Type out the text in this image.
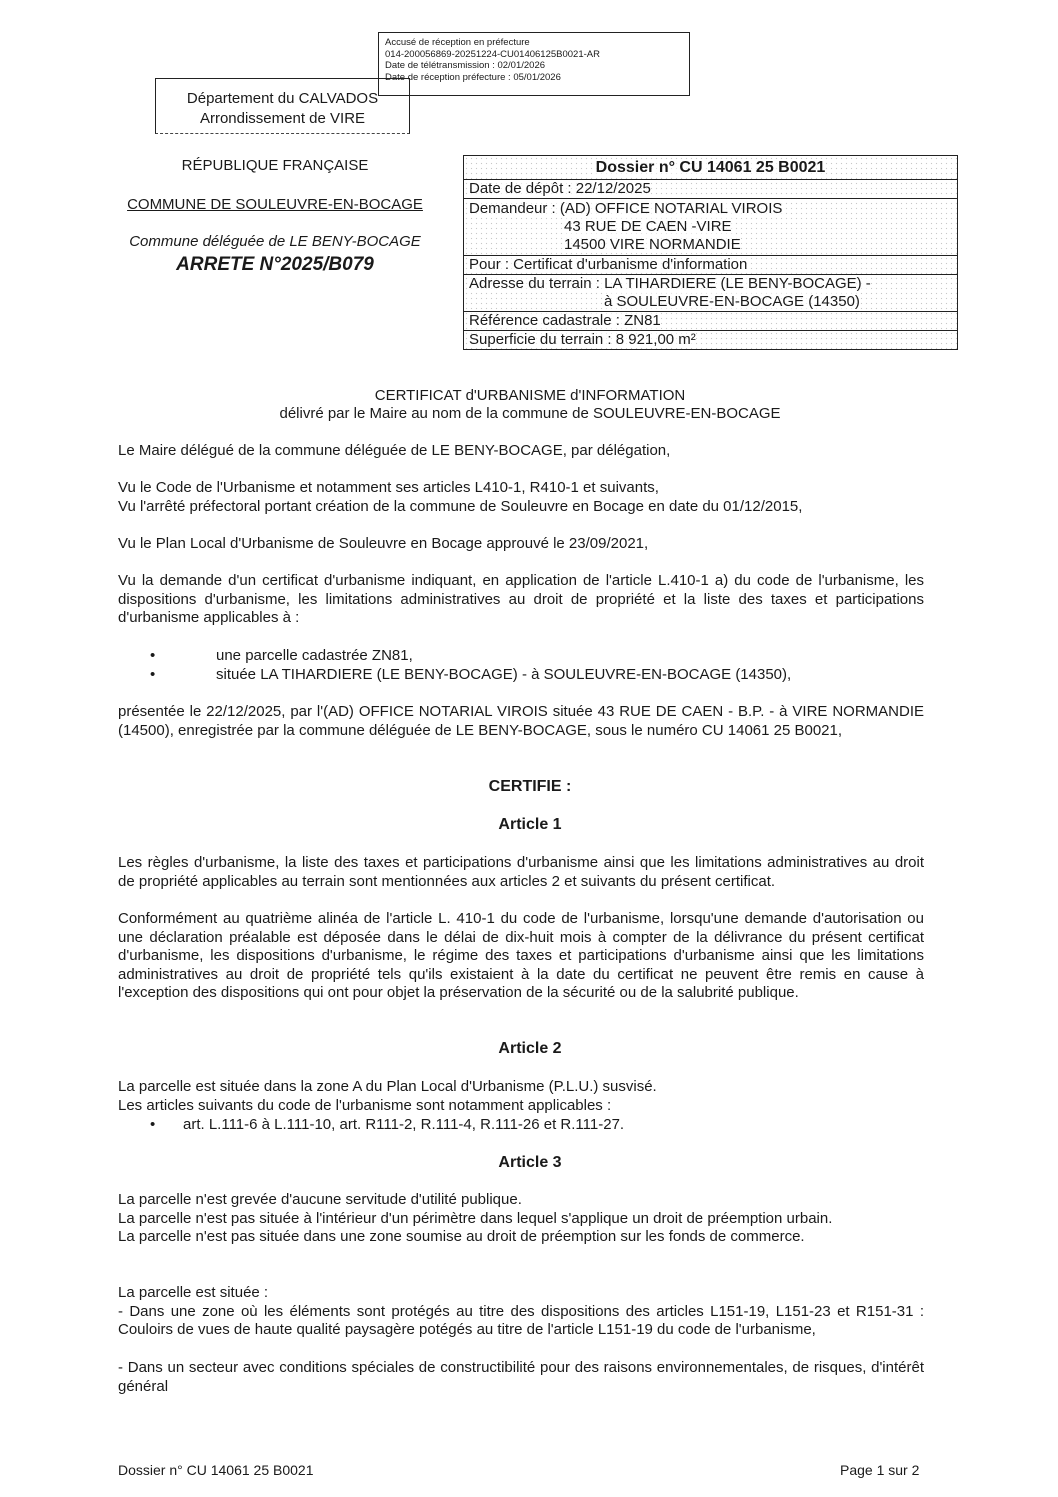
Accusé de réception en préfecture
014-200056869-20251224-CU01406125B0021-AR
Date de télétransmission : 02/01/2026
Date de réception préfecture : 05/01/2026
Département du CALVADOS
Arrondissement de VIRE
RÉPUBLIQUE FRANÇAISE
COMMUNE DE SOULEUVRE-EN-BOCAGE
Commune déléguée de LE BENY-BOCAGE
ARRETE N°2025/B079
Dossier n° CU 14061 25 B0021
Date de dépôt : 22/12/2025
Demandeur : (AD) OFFICE NOTARIAL VIROIS
43 RUE DE CAEN -VIRE
14500 VIRE NORMANDIE
Pour : Certificat d'urbanisme d'information
Adresse du terrain : LA TIHARDIERE (LE BENY-BOCAGE) -
à SOULEUVRE-EN-BOCAGE (14350)
Référence cadastrale : ZN81
Superficie du terrain : 8 921,00 m²
CERTIFICAT d'URBANISME d'INFORMATION
délivré par le Maire au nom de la commune de SOULEUVRE-EN-BOCAGE
Le Maire délégué de la commune déléguée de LE BENY-BOCAGE, par délégation,
Vu le Code de l'Urbanisme et notamment ses articles L410-1, R410-1 et suivants,
Vu l'arrêté préfectoral portant création de la commune de Souleuvre en Bocage en date du 01/12/2015,
Vu le Plan Local d'Urbanisme de Souleuvre en Bocage approuvé le 23/09/2021,
Vu la demande d'un certificat d'urbanisme indiquant, en application de l'article L.410-1 a) du code de l'urbanisme, les dispositions d'urbanisme, les limitations administratives au droit de propriété et la liste des taxes et participations d'urbanisme applicables à :
•	une parcelle cadastrée ZN81,
•	située LA TIHARDIERE (LE BENY-BOCAGE) - à SOULEUVRE-EN-BOCAGE (14350),
présentée le 22/12/2025, par l'(AD) OFFICE NOTARIAL VIROIS située 43 RUE DE CAEN - B.P. - à VIRE NORMANDIE (14500), enregistrée par la commune déléguée de LE BENY-BOCAGE, sous le numéro CU 14061 25 B0021,
CERTIFIE :
Article 1
Les règles d'urbanisme, la liste des taxes et participations d'urbanisme ainsi que les limitations administratives au droit de propriété applicables au terrain sont mentionnées aux articles 2 et suivants du présent certificat.
Conformément au quatrième alinéa de l'article L. 410-1 du code de l'urbanisme, lorsqu'une demande d'autorisation ou une déclaration préalable est déposée dans le délai de dix-huit mois à compter de la délivrance du présent certificat d'urbanisme, les dispositions d'urbanisme, le régime des taxes et participations d'urbanisme ainsi que les limitations administratives au droit de propriété tels qu'ils existaient à la date du certificat ne peuvent être remis en cause à l'exception des dispositions qui ont pour objet la préservation de la sécurité ou de la salubrité publique.
Article 2
La parcelle est située dans la zone A du Plan Local d'Urbanisme (P.L.U.) susvisé.
Les articles suivants du code de l'urbanisme sont notamment applicables :
• art. L.111-6 à L.111-10, art. R111-2, R.111-4, R.111-26 et R.111-27.
Article 3
La parcelle n'est grevée d'aucune servitude d'utilité publique.
La parcelle n'est pas située à l'intérieur d'un périmètre dans lequel s'applique un droit de préemption urbain.
La parcelle n'est pas située dans une zone soumise au droit de préemption sur les fonds de commerce.
La parcelle est située :
- Dans une zone où les éléments sont protégés au titre des dispositions des articles L151-19, L151-23 et R151-31 : Couloirs de vues de haute qualité paysagère potégés au titre de l'article L151-19 du code de l'urbanisme,
- Dans un secteur avec conditions spéciales de constructibilité pour des raisons environnementales, de risques, d'intérêt général
Dossier n° CU 14061 25 B0021	Page 1 sur 2
